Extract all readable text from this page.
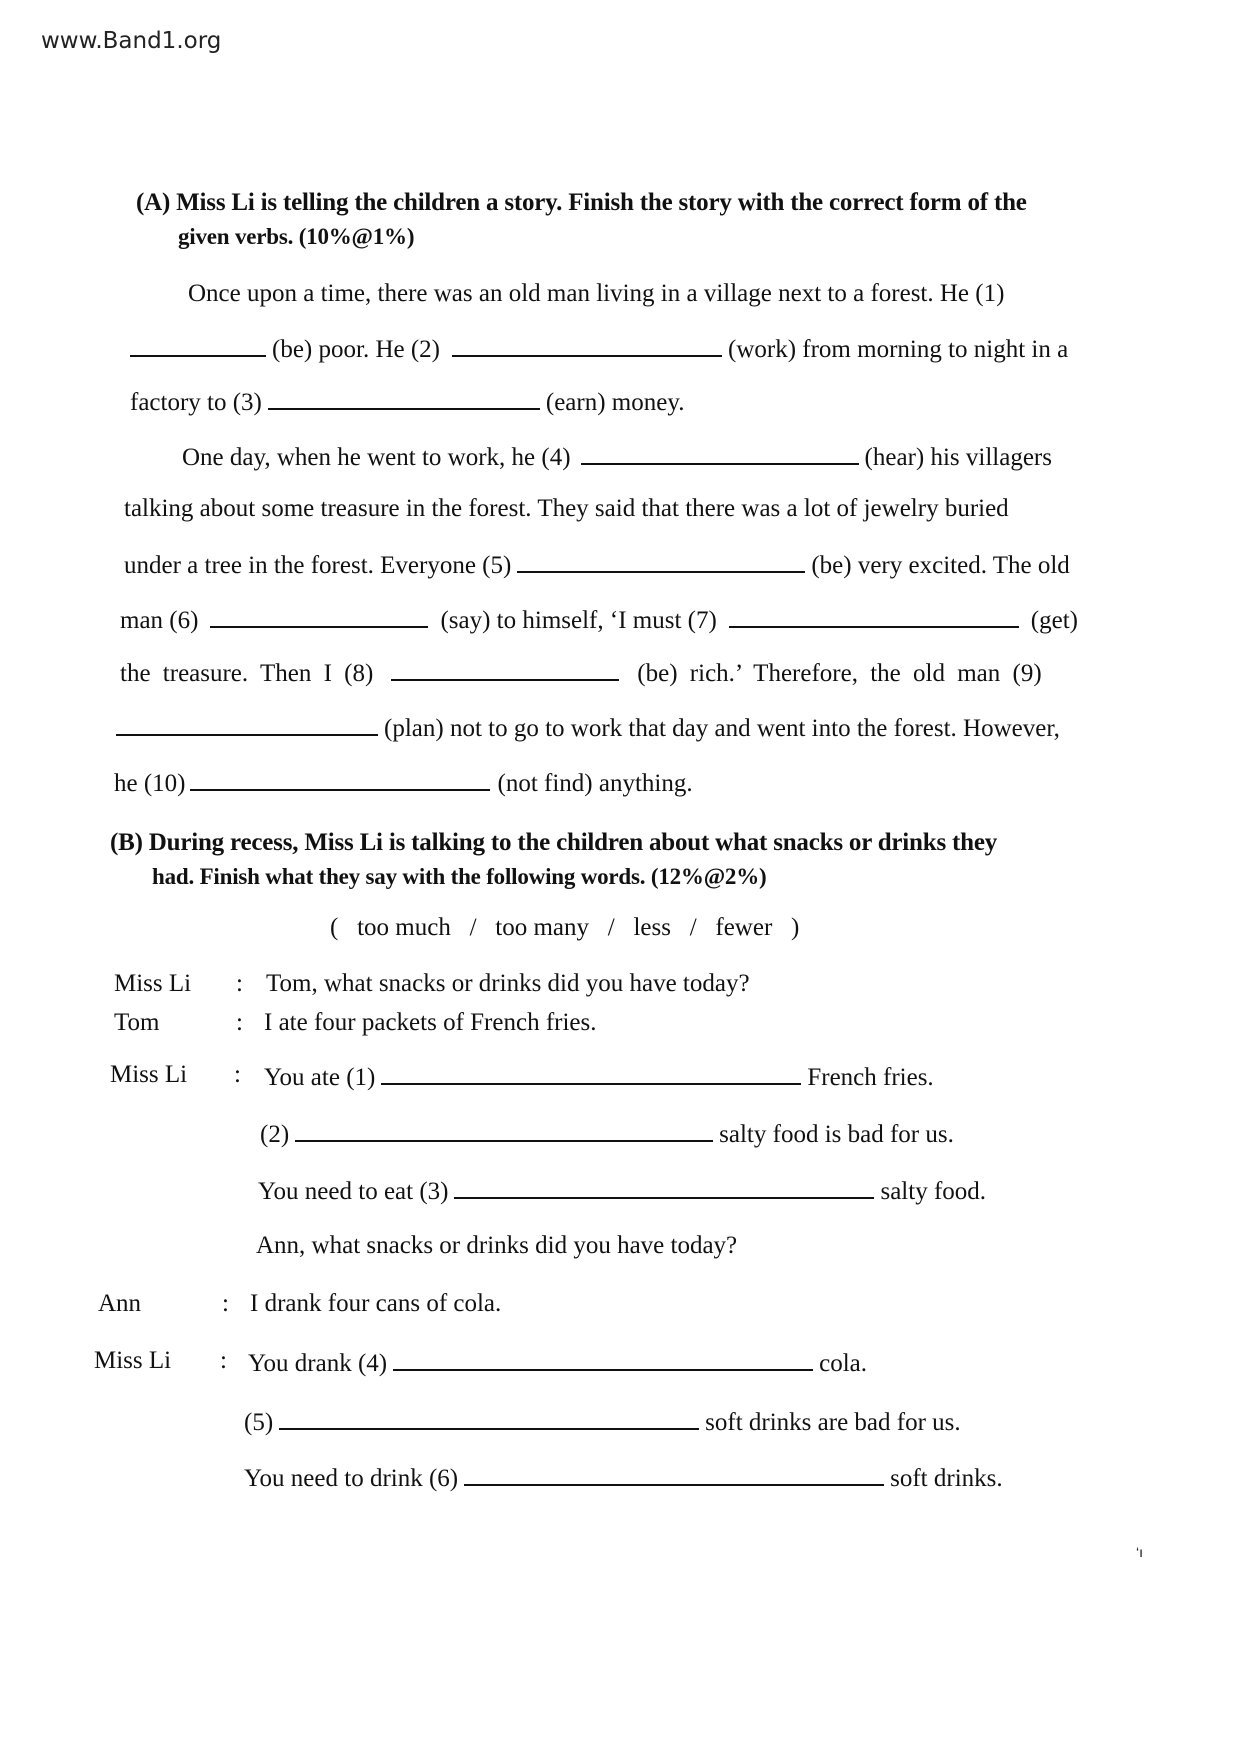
www.Band1.org
(A) Miss Li is telling the children a story. Finish the story with the correct form of the
given verbs. (10%@1%)
Once upon a time, there was an old man living in a village next to a forest. He (1)
(be) poor. He (2)	(work) from morning to night in a
factory to (3)	(earn) money.
One day, when he went to work, he (4)	(hear) his villagers
talking about some treasure in the forest. They said that there was a lot of jewelry buried
under a tree in the forest. Everyone (5)	(be) very excited. The old
man (6)	(say) to himself, ‘I must (7)	(get)
the treasure. Then I (8)	(be) rich.’ Therefore, the old man (9)
(plan) not to go to work that day and went into the forest. However,
he (10)	(not find) anything.
(B) During recess, Miss Li is talking to the children about what snacks or drinks they
had. Finish what they say with the following words. (12%@2%)
(   too much   /   too many   /   less   /   fewer   )
Miss Li : Tom, what snacks or drinks did you have today?
Tom	: I ate four packets of French fries.
Miss Li : You ate (1)	French fries.
(2)	salty food is bad for us.
You need to eat (3)	salty food.
Ann, what snacks or drinks did you have today?
Ann	: I drank four cans of cola.
Miss Li : You drank (4)	cola.
(5)	soft drinks are bad for us.
You need to drink (6)	soft drinks.
‘ı
